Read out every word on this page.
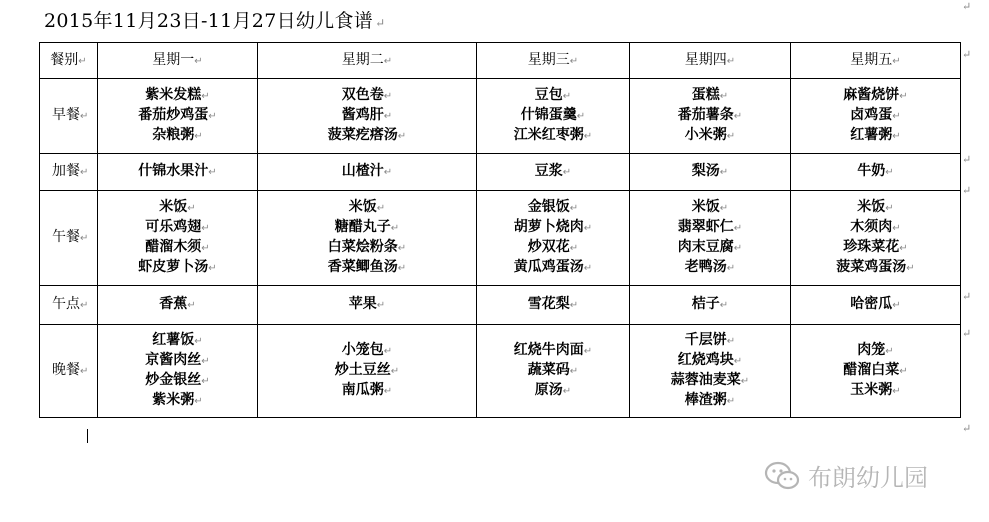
2015年11月23日-11月27日幼儿食谱 ↵
餐别↵	星期一↵	星期二↵	星期三↵	星期四↵	星期五↵
早餐↵	紫米发糕↵
番茄炒鸡蛋↵
杂粮粥↵	双色卷↵
酱鸡肝↵
菠菜疙瘩汤↵	豆包↵
什锦蛋羹↵
江米红枣粥↵	蛋糕↵
番茄薯条↵
小米粥↵	麻酱烧饼↵
卤鸡蛋↵
红薯粥↵

加餐↵	什锦水果汁↵	山楂汁↵	豆浆↵	梨汤↵	牛奶↵

午餐↵	米饭↵
可乐鸡翅↵
醋溜木须↵
虾皮萝卜汤↵	米饭↵
糖醋丸子↵
白菜烩粉条↵
香菜鲫鱼汤↵	金银饭↵
胡萝卜烧肉↵
炒双花↵
黄瓜鸡蛋汤↵	米饭↵
翡翠虾仁↵
肉末豆腐↵
老鸭汤↵	米饭↵
木须肉↵
珍珠菜花↵
菠菜鸡蛋汤↵

午点↵	香蕉↵	苹果↵	雪花梨↵	桔子↵	哈密瓜↵

晚餐↵	红薯饭↵
京酱肉丝↵
炒金银丝↵
紫米粥↵	小笼包↵
炒土豆丝↵
南瓜粥↵	红烧牛肉面↵
蔬菜码↵
原汤↵	千层饼↵
红烧鸡块↵
蒜蓉油麦菜↵
棒渣粥↵	肉笼↵
醋溜白菜↵
玉米粥↵
↵
↵
↵
↵
↵
↵
↵
布朗幼儿园
